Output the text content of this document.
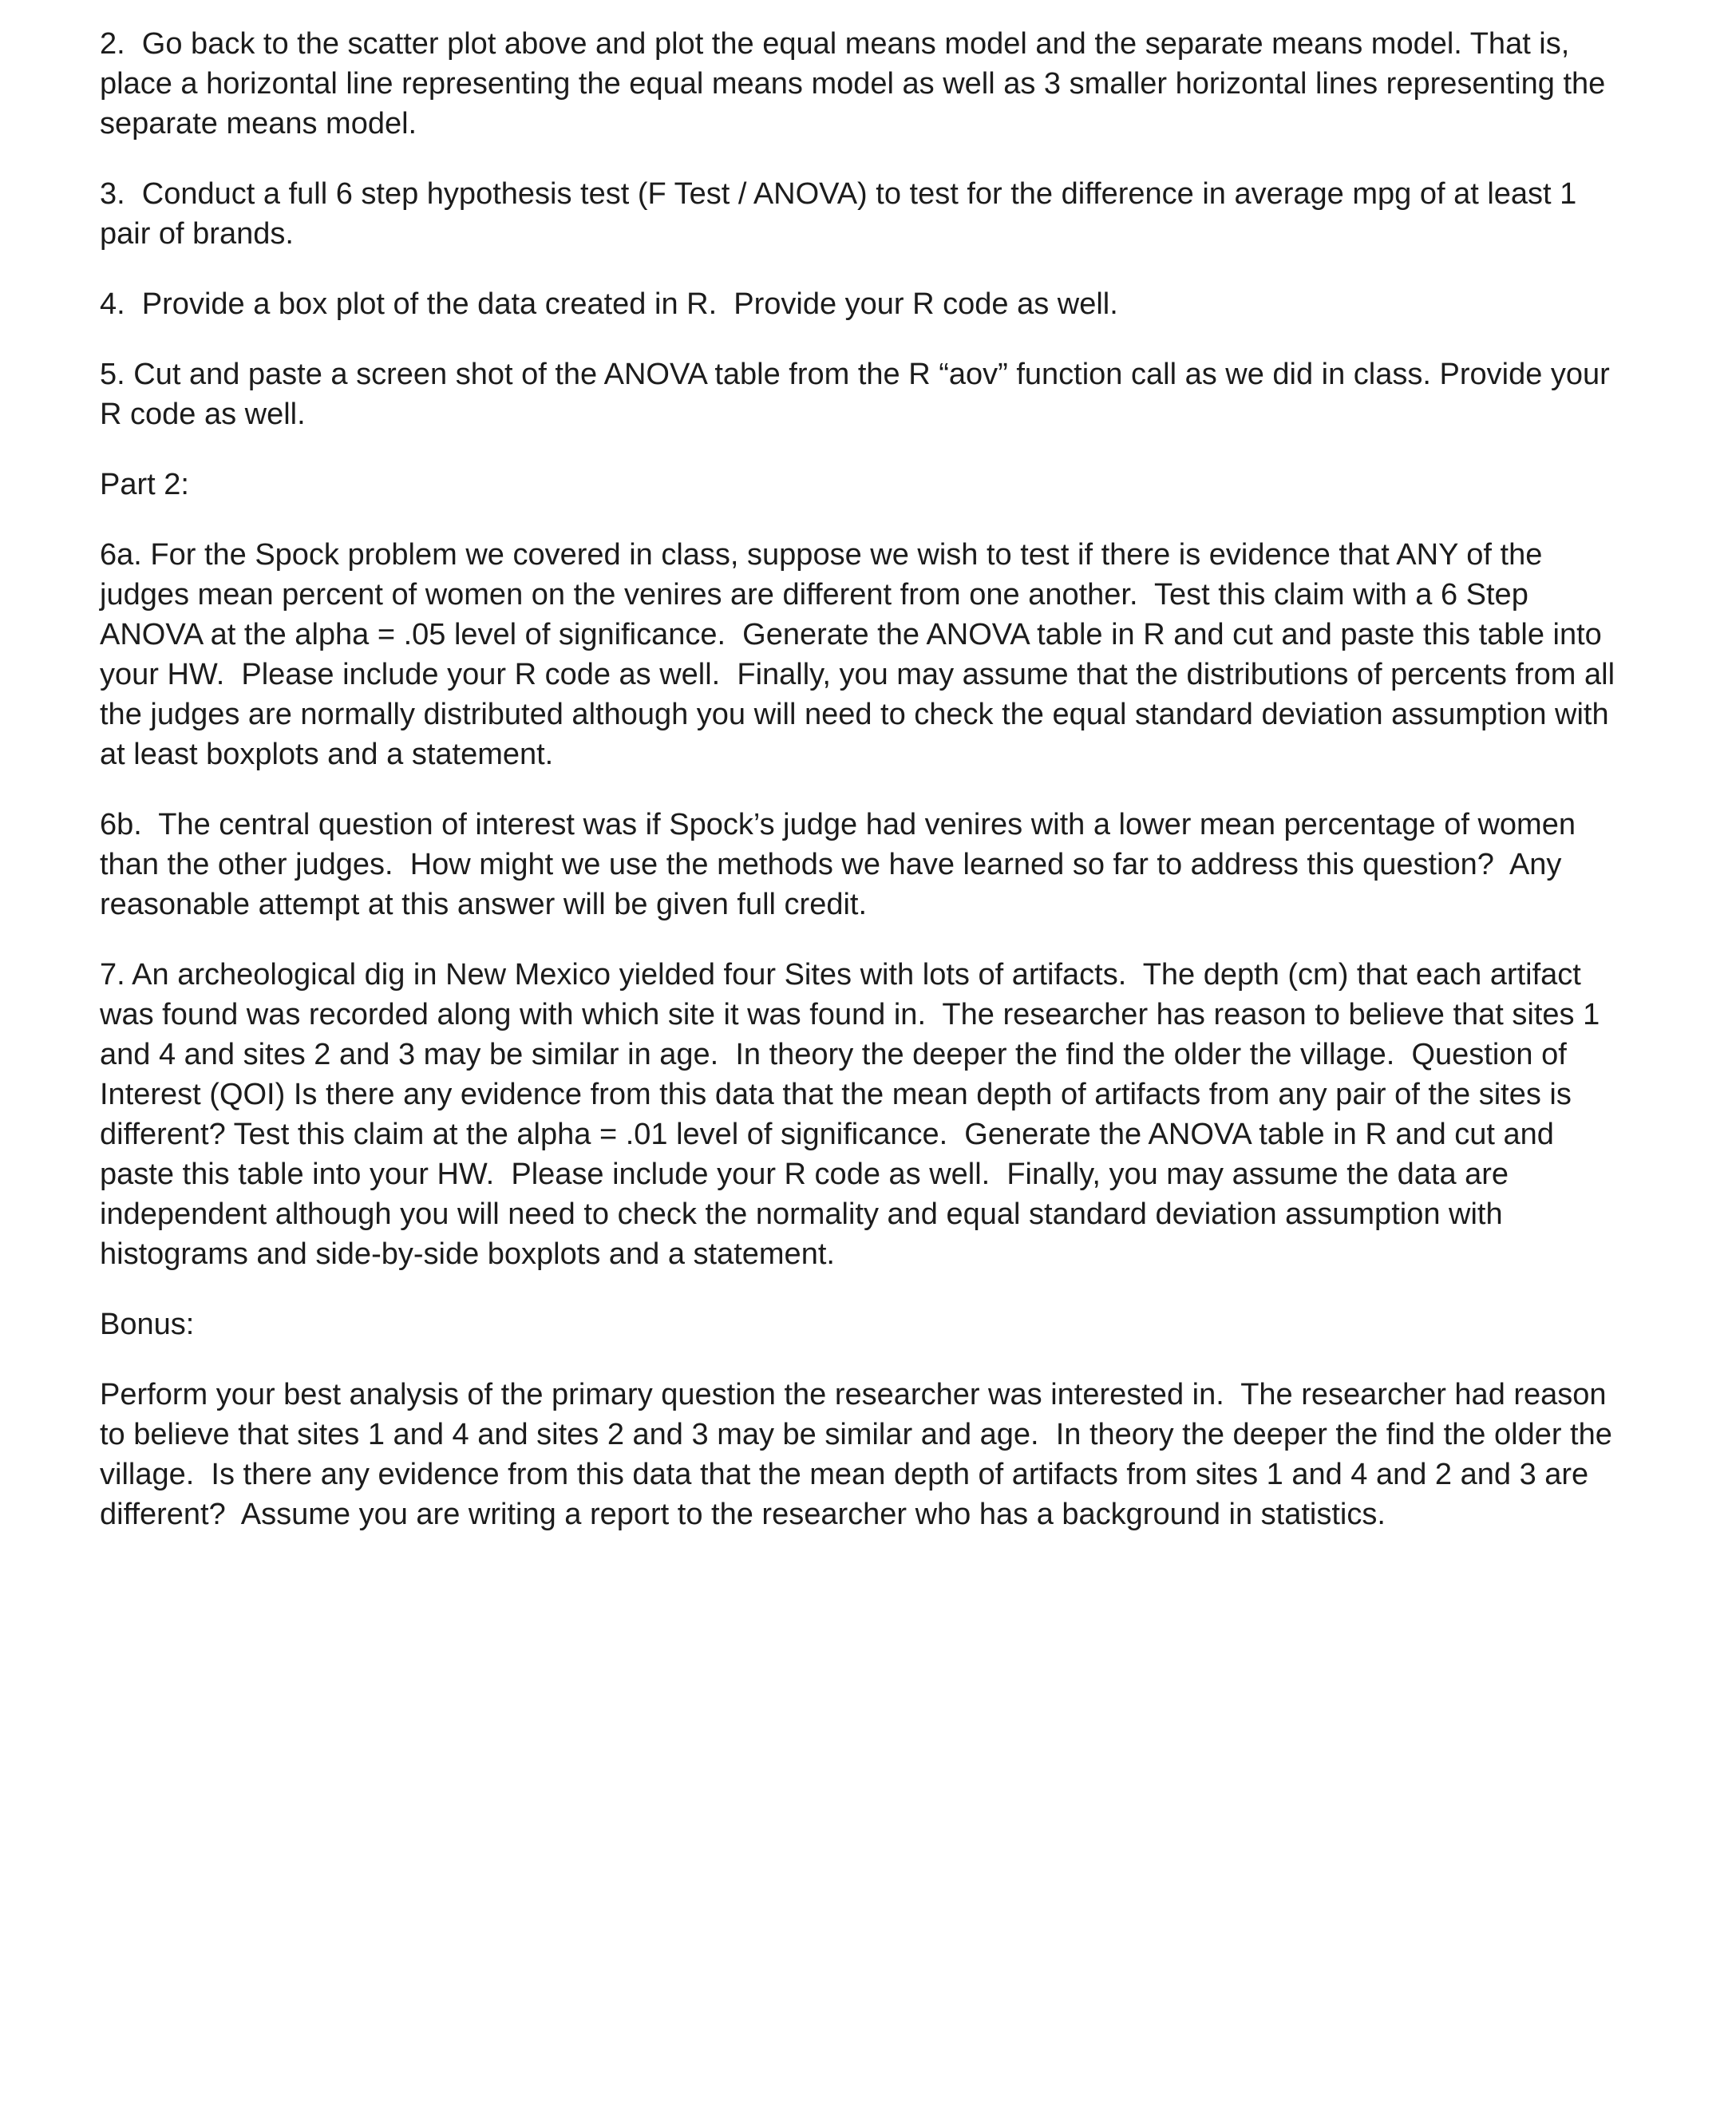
2.  Go back to the scatter plot above and plot the equal means model and the separate means model. That is, place a horizontal line representing the equal means model as well as 3 smaller horizontal lines representing the separate means model.

3.  Conduct a full 6 step hypothesis test (F Test / ANOVA) to test for the difference in average mpg of at least 1 pair of brands.

4.  Provide a box plot of the data created in R.  Provide your R code as well.

5. Cut and paste a screen shot of the ANOVA table from the R “aov” function call as we did in class. Provide your R code as well.

Part 2:

6a. For the Spock problem we covered in class, suppose we wish to test if there is evidence that ANY of the judges mean percent of women on the venires are different from one another.  Test this claim with a 6 Step ANOVA at the alpha = .05 level of significance.  Generate the ANOVA table in R and cut and paste this table into your HW.  Please include your R code as well.  Finally, you may assume that the distributions of percents from all the judges are normally distributed although you will need to check the equal standard deviation assumption with at least boxplots and a statement.

6b.  The central question of interest was if Spock’s judge had venires with a lower mean percentage of women than the other judges.  How might we use the methods we have learned so far to address this question?  Any reasonable attempt at this answer will be given full credit.

7. An archeological dig in New Mexico yielded four Sites with lots of artifacts.  The depth (cm) that each artifact was found was recorded along with which site it was found in.  The researcher has reason to believe that sites 1 and 4 and sites 2 and 3 may be similar in age.  In theory the deeper the find the older the village.  Question of Interest (QOI) Is there any evidence from this data that the mean depth of artifacts from any pair of the sites is different? Test this claim at the alpha = .01 level of significance.  Generate the ANOVA table in R and cut and paste this table into your HW.  Please include your R code as well.  Finally, you may assume the data are independent although you will need to check the normality and equal standard deviation assumption with histograms and side-by-side boxplots and a statement.

Bonus:

Perform your best analysis of the primary question the researcher was interested in.  The researcher had reason to believe that sites 1 and 4 and sites 2 and 3 may be similar and age.  In theory the deeper the find the older the village.  Is there any evidence from this data that the mean depth of artifacts from sites 1 and 4 and 2 and 3 are different?  Assume you are writing a report to the researcher who has a background in statistics.
